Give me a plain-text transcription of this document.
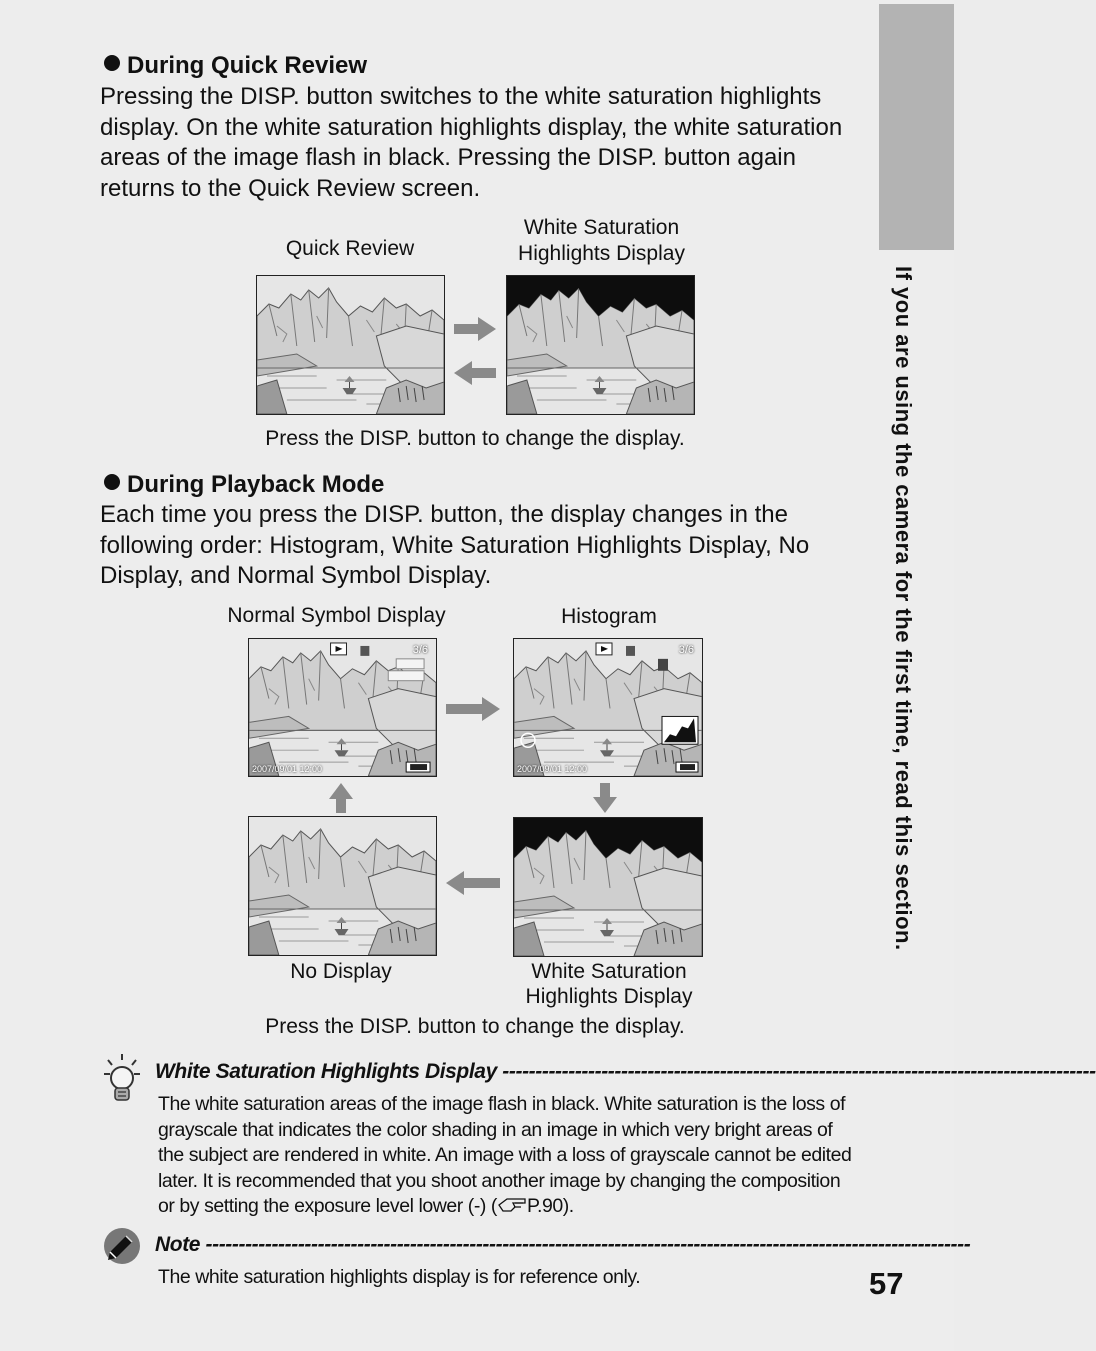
If you are using the camera for the first time, read this section.
During Quick Review
Pressing the DISP. button switches to the white saturation highlights display. On the white saturation highlights display, the white saturation areas of the image flash in black. Pressing the DISP. button again returns to the Quick Review screen.
Quick Review
White Saturation
Highlights Display
Press the DISP. button to change the display.
During Playback Mode
Each time you press the DISP. button, the display changes in the following order: Histogram, White Saturation Highlights Display, No Display, and Normal Symbol Display.
Normal Symbol Display	Histogram
3/6
2007/09/01 12:00
3/6
2007/09/01 12:00
No Display	White Saturation
Highlights Display
Press the DISP. button to change the display.
White Saturation Highlights Display ------------------------------------------------------------------------------------------
The white saturation areas of the image flash in black. White saturation is the loss of grayscale that indicates the color shading in an image in which very bright areas of the subject are rendered in white. An image with a loss of grayscale cannot be edited later. It is recommended that you shoot another image by changing the composition or by setting the exposure level lower (-) ( P.90).
Note --------------------------------------------------------------------------------------------------------------------
The white saturation highlights display is for reference only.	57
